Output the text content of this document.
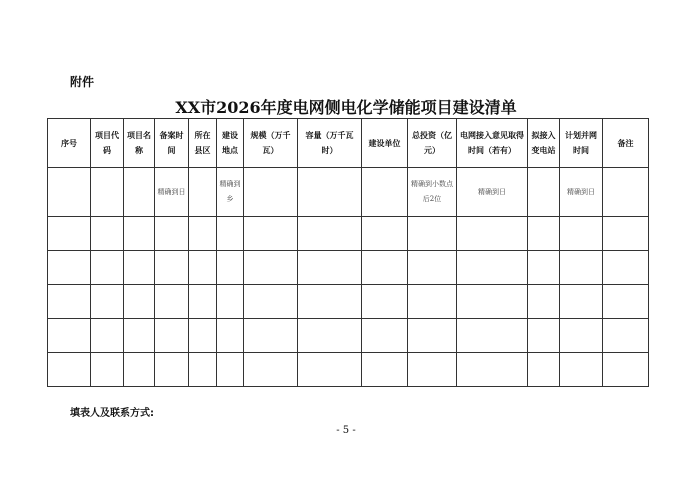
附件
XX市2026年度电网侧电化学储能项目建设清单
序号	项目代码	项目名称	备案时间	所在县区	建设地点	规模（万千瓦）	容量（万千瓦时）	建设单位	总投资（亿元）	电网接入意见取得时间（若有）	拟接入变电站	计划并网时间	备注
			精确到日		精确到乡				精确到小数点后2位	精确到日		精确到日	

填表人及联系方式:
- 5 -
